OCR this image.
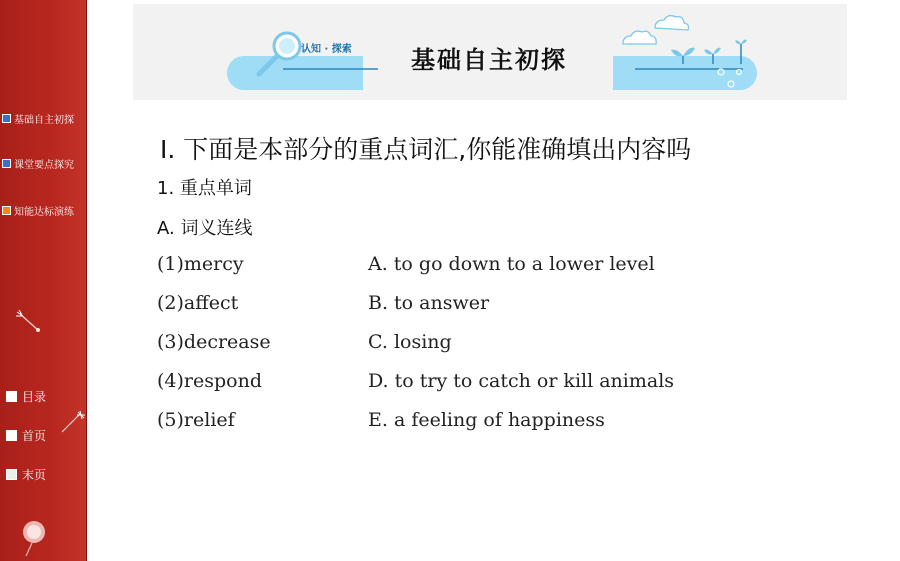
基础自主初探
课堂要点探究
知能达标演练
目录
首页
末页
认知 · 探索 基础自主初探
Ⅰ. 下面是本部分的重点词汇,你能准确填出内容吗
1. 重点单词
A. 词义连线
(1)mercy	A. to go down to a lower level
(2)affect	B. to answer
(3)decrease	C. losing
(4)respond	D. to try to catch or kill animals
(5)relief	E. a feeling of happiness
